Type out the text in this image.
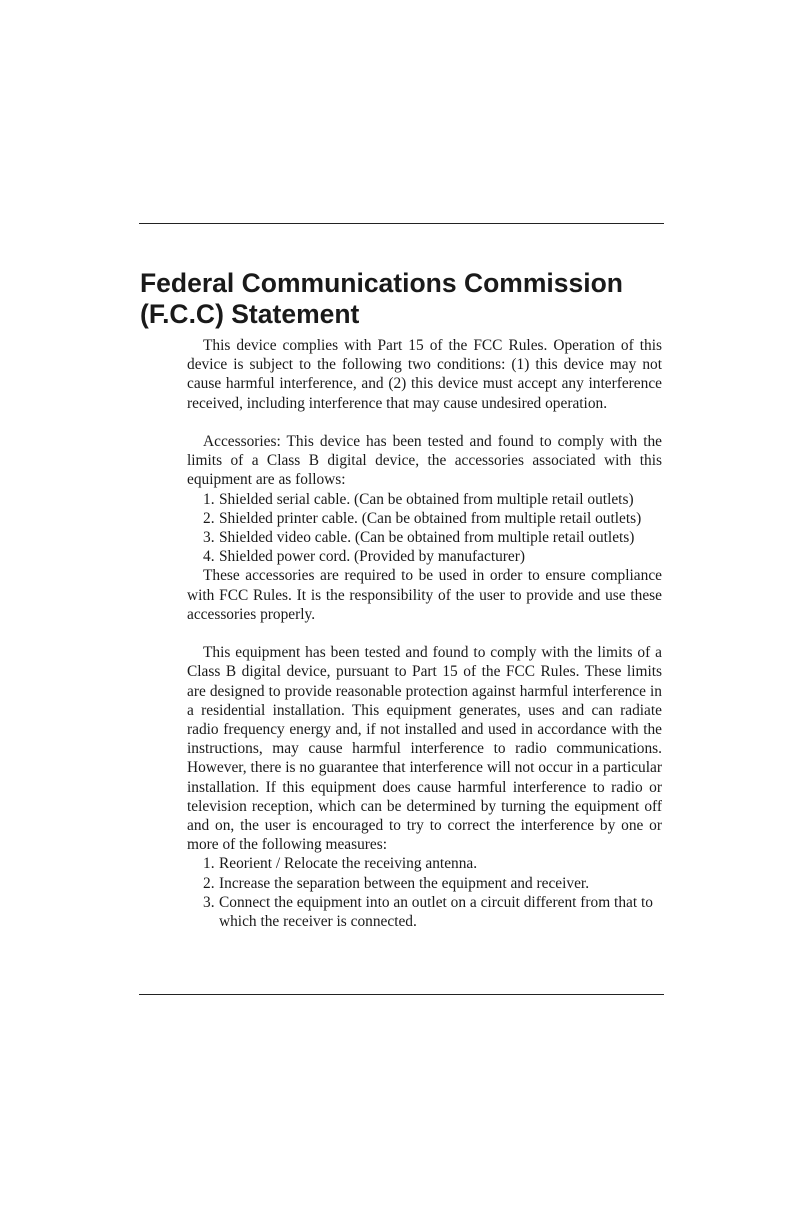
Federal Communications Commission
(F.C.C) Statement

This device complies with Part 15 of the FCC Rules. Operation of this device is subject to the following two conditions: (1) this device may not cause harmful interference, and (2) this device must accept any interference received, including interference that may cause undesired operation.

Accessories: This device has been tested and found to comply with the limits of a Class B digital device, the accessories associated with this equipment are as follows:

1. Shielded serial cable. (Can be obtained from multiple retail outlets)
2. Shielded printer cable. (Can be obtained from multiple retail outlets)
3. Shielded video cable. (Can be obtained from multiple retail outlets)
4. Shielded power cord. (Provided by manufacturer)

These accessories are required to be used in order to ensure compliance with FCC Rules. It is the responsibility of the user to provide and use these accessories properly.

This equipment has been tested and found to comply with the limits of a Class B digital device, pursuant to Part 15 of the FCC Rules. These limits are designed to provide reasonable protection against harmful interference in a residential installation. This equipment generates, uses and can radiate radio frequency energy and, if not installed and used in accordance with the instructions, may cause harmful interference to radio communications. However, there is no guarantee that interference will not occur in a particular installation. If this equipment does cause harmful interference to radio or television reception, which can be determined by turning the equipment off and on, the user is encouraged to try to correct the interference by one or more of the following measures:

1. Reorient / Relocate the receiving antenna.
2. Increase the separation between the equipment and receiver.
3. Connect the equipment into an outlet on a circuit different from that to which the receiver is connected.
